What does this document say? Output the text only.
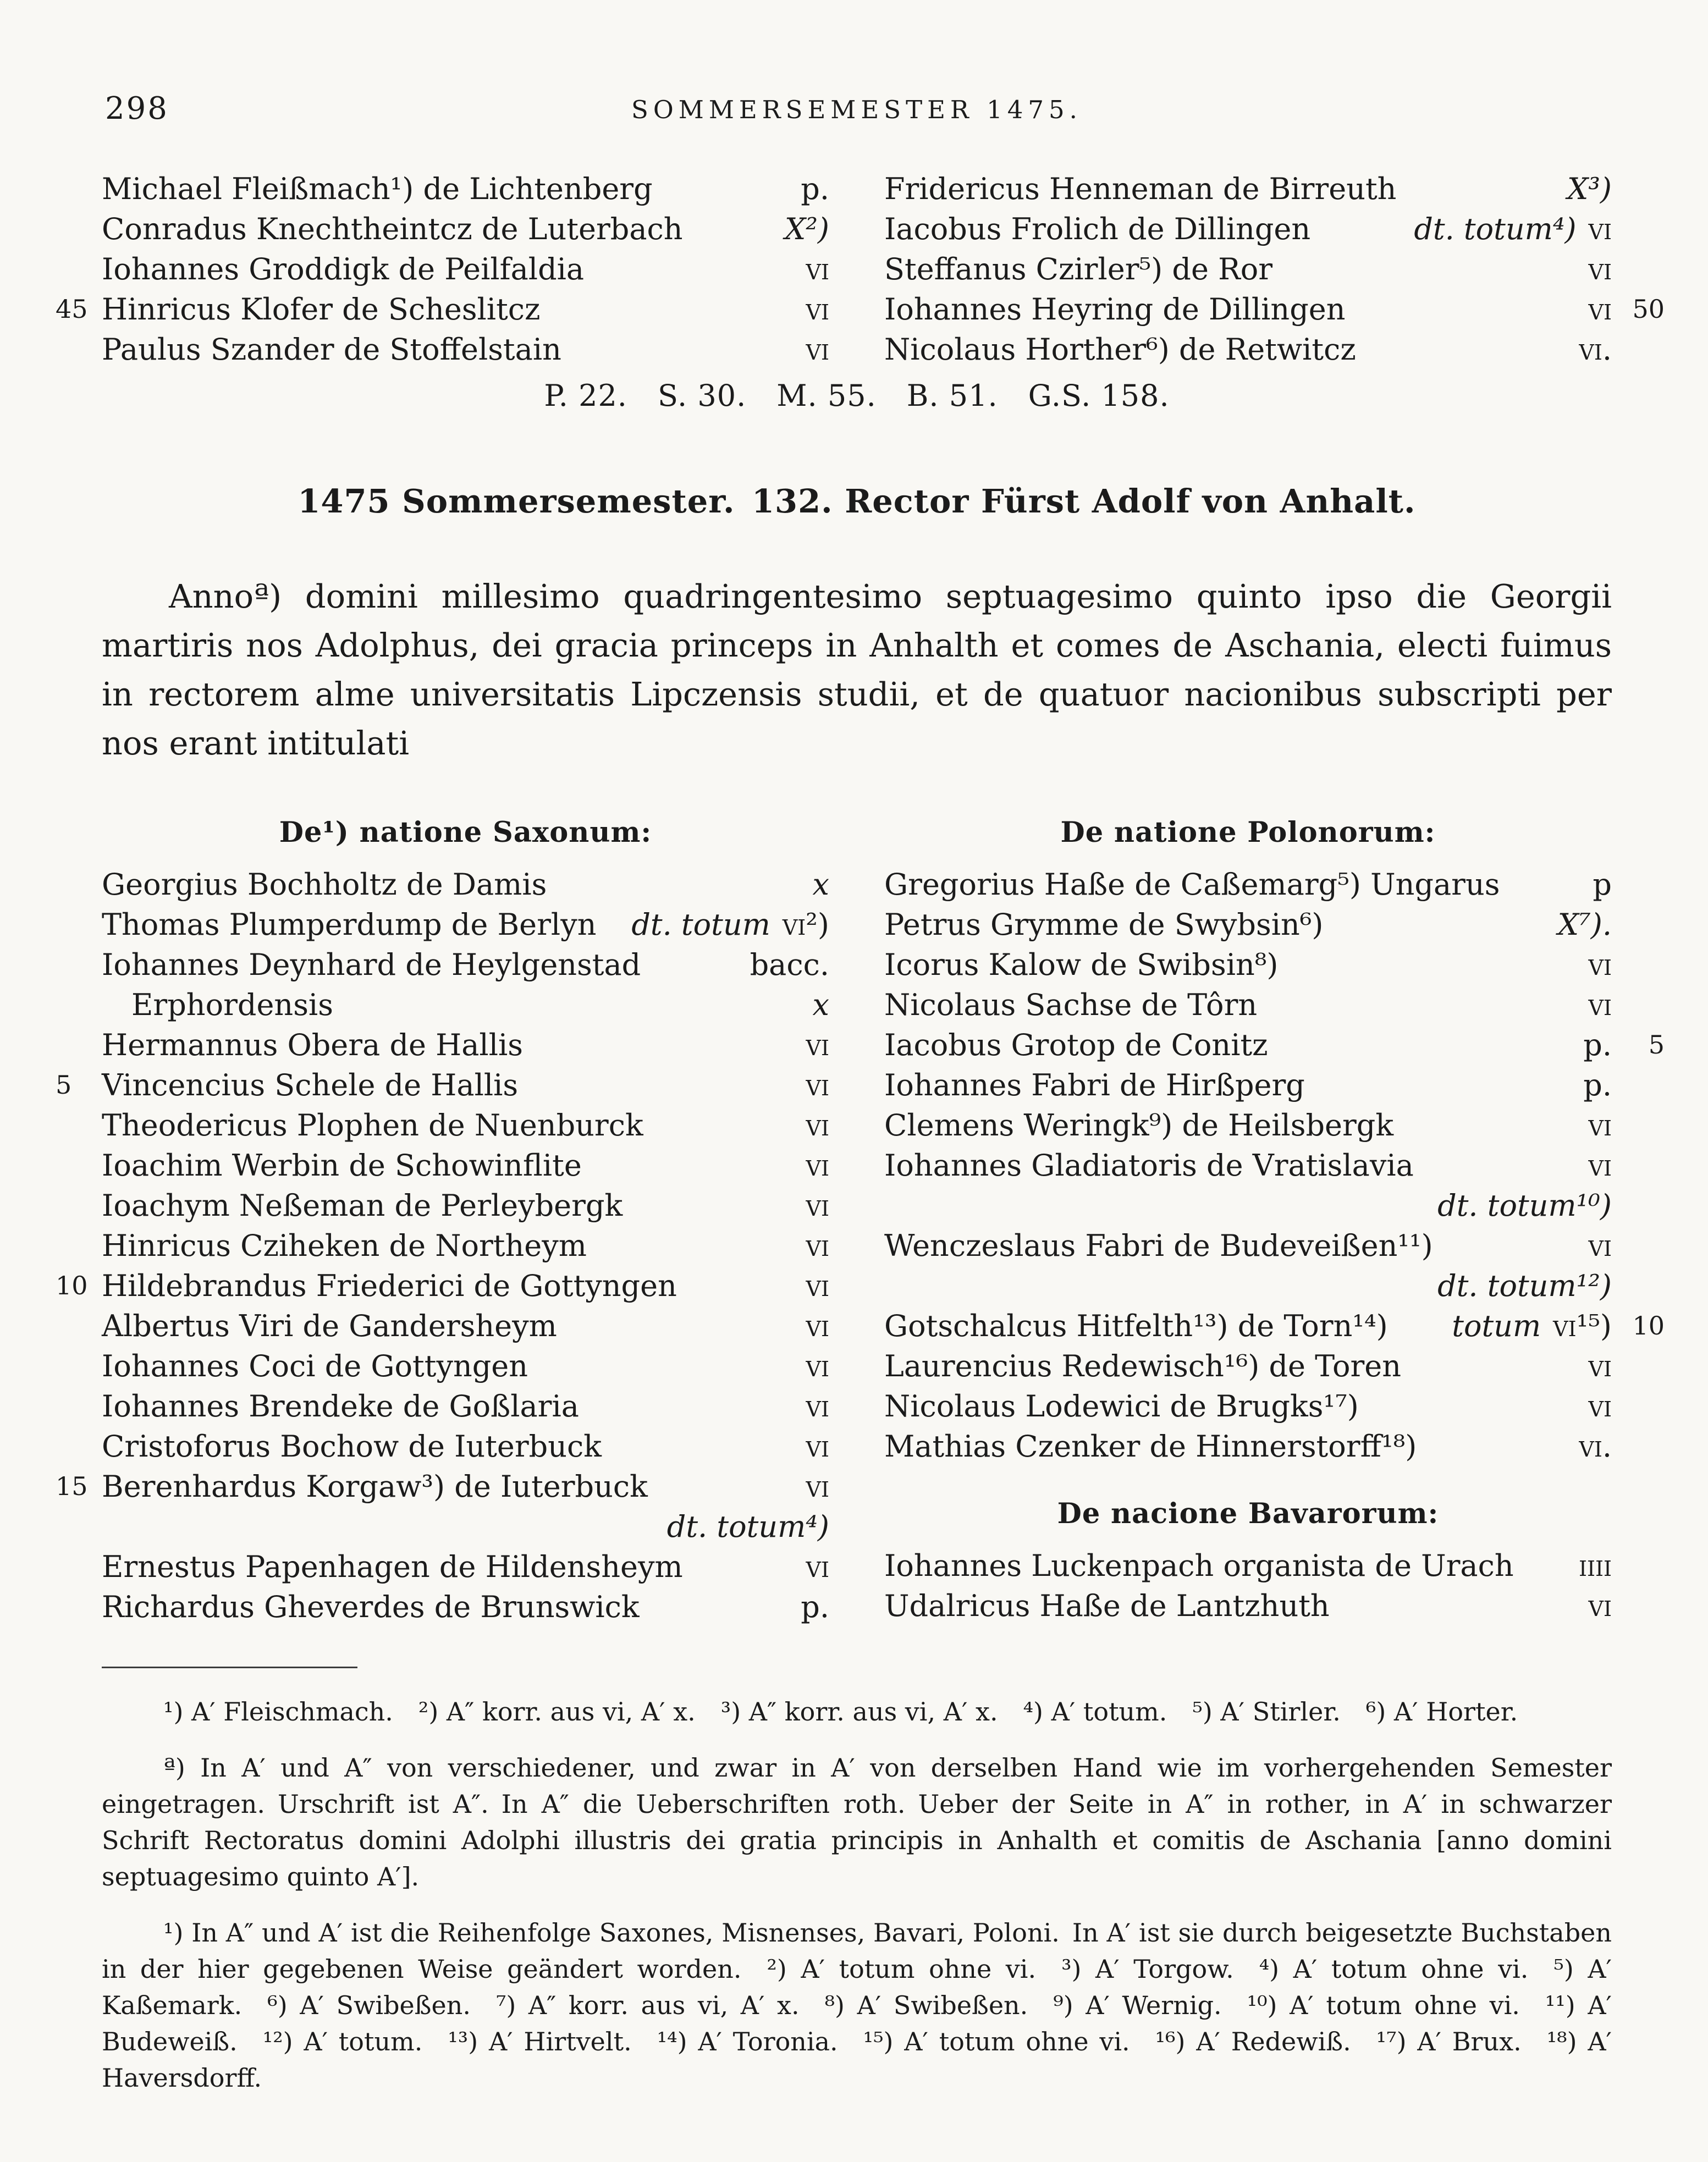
298	SOMMERSEMESTER 1475.
Michael Fleißmach¹) de Lichtenberg	p.
Conradus Knechtheintcz de Luterbach	X²)
Iohannes Groddigk de Peilfaldia	vi
45 Hinricus Klofer de Scheslitcz	vi
Paulus Szander de Stoffelstain	vi
Fridericus Henneman de Birreuth	X³)
Iacobus Frolich de Dillingen	dt. totum⁴) vi
Steffanus Czirler⁵) de Ror	vi
Iohannes Heyring de Dillingen	vi 50
Nicolaus Horther⁶) de Retwitcz	vi.
P. 22. S. 30. M. 55. B. 51. G.S. 158.
1475 Sommersemester. 132. Rector Fürst Adolf von Anhalt.

Annoª) domini millesimo quadringentesimo septuagesimo quinto ipso die Georgii martiris nos Adolphus, dei gracia princeps in Anhalth et comes de Aschania, electi fuimus in rectorem alme universitatis Lipczensis studii, et de quatuor nacionibus subscripti per nos erant intitulati

De¹) natione Saxonum:
Georgius Bochholtz de Damis	x
Thomas Plumperdump de Berlyn dt. totum vi²)
Iohannes Deynhard de Heylgenstad	bacc.
 Erphordensis	x
Hermannus Obera de Hallis	vi
5 Vincencius Schele de Hallis	vi
Theodericus Plophen de Nuenburck	vi
Ioachim Werbin de Schowinflite	vi
Ioachym Neßeman de Perleybergk	vi
Hinricus Cziheken de Northeym	vi
10 Hildebrandus Friederici de Gottyngen	vi
Albertus Viri de Gandersheym	vi
Iohannes Coci de Gottyngen	vi
Iohannes Brendeke de Goßlaria	vi
Cristoforus Bochow de Iuterbuck	vi
15 Berenhardus Korgaw³) de Iuterbuck	vi
dt. totum⁴)
Ernestus Papenhagen de Hildensheym	vi
Richardus Gheverdes de Brunswick	p.
De natione Polonorum:
Gregorius Haße de Caßemarg⁵) Ungarus	p
Petrus Grymme de Swybsin⁶)	X⁷).
Icorus Kalow de Swibsin⁸)	vi
Nicolaus Sachse de Tôrn	vi
Iacobus Grotop de Conitz	p. 5
Iohannes Fabri de Hirßperg	p.
Clemens Weringk⁹) de Heilsbergk	vi
Iohannes Gladiatoris de Vratislavia	vi
dt. totum¹⁰)
Wenczeslaus Fabri de Budeveißen¹¹)	vi
dt. totum¹²)
Gotschalcus Hitfelth¹³) de Torn¹⁴) totum vi¹⁵) 10
Laurencius Redewisch¹⁶) de Toren	vi
Nicolaus Lodewici de Brugks¹⁷)	vi
Mathias Czenker de Hinnerstorff¹⁸)	vi.
De nacione Bavarorum:
Iohannes Luckenpach organista de Urach iiii
Udalricus Haße de Lantzhuth	vi

¹) A′ Fleischmach. ²) A″ korr. aus vi, A′ x. ³) A″ korr. aus vi, A′ x. ⁴) A′ totum. ⁵) A′ Stirler. ⁶) A′ Horter.

ª) In A′ und A″ von verschiedener, und zwar in A′ von derselben Hand wie im vorhergehenden Semester eingetragen. Urschrift ist A″. In A″ die Ueberschriften roth. Ueber der Seite in A″ in rother, in A′ in schwarzer Schrift Rectoratus domini Adolphi illustris dei gratia principis in Anhalth et comitis de Aschania [anno domini septuagesimo quinto A′].

¹) In A″ und A′ ist die Reihenfolge Saxones, Misnenses, Bavari, Poloni. In A′ ist sie durch beigesetzte Buchstaben in der hier gegebenen Weise geändert worden. ²) A′ totum ohne vi. ³) A′ Torgow. ⁴) A′ totum ohne vi. ⁵) A′ Kaßemark. ⁶) A′ Swibeßen. ⁷) A″ korr. aus vi, A′ x. ⁸) A′ Swibeßen. ⁹) A′ Wernig. ¹⁰) A′ totum ohne vi. ¹¹) A′ Budeweiß. ¹²) A′ totum. ¹³) A′ Hirtvelt. ¹⁴) A′ Toronia. ¹⁵) A′ totum ohne vi. ¹⁶) A′ Redewiß. ¹⁷) A′ Brux. ¹⁸) A′ Haversdorff.
